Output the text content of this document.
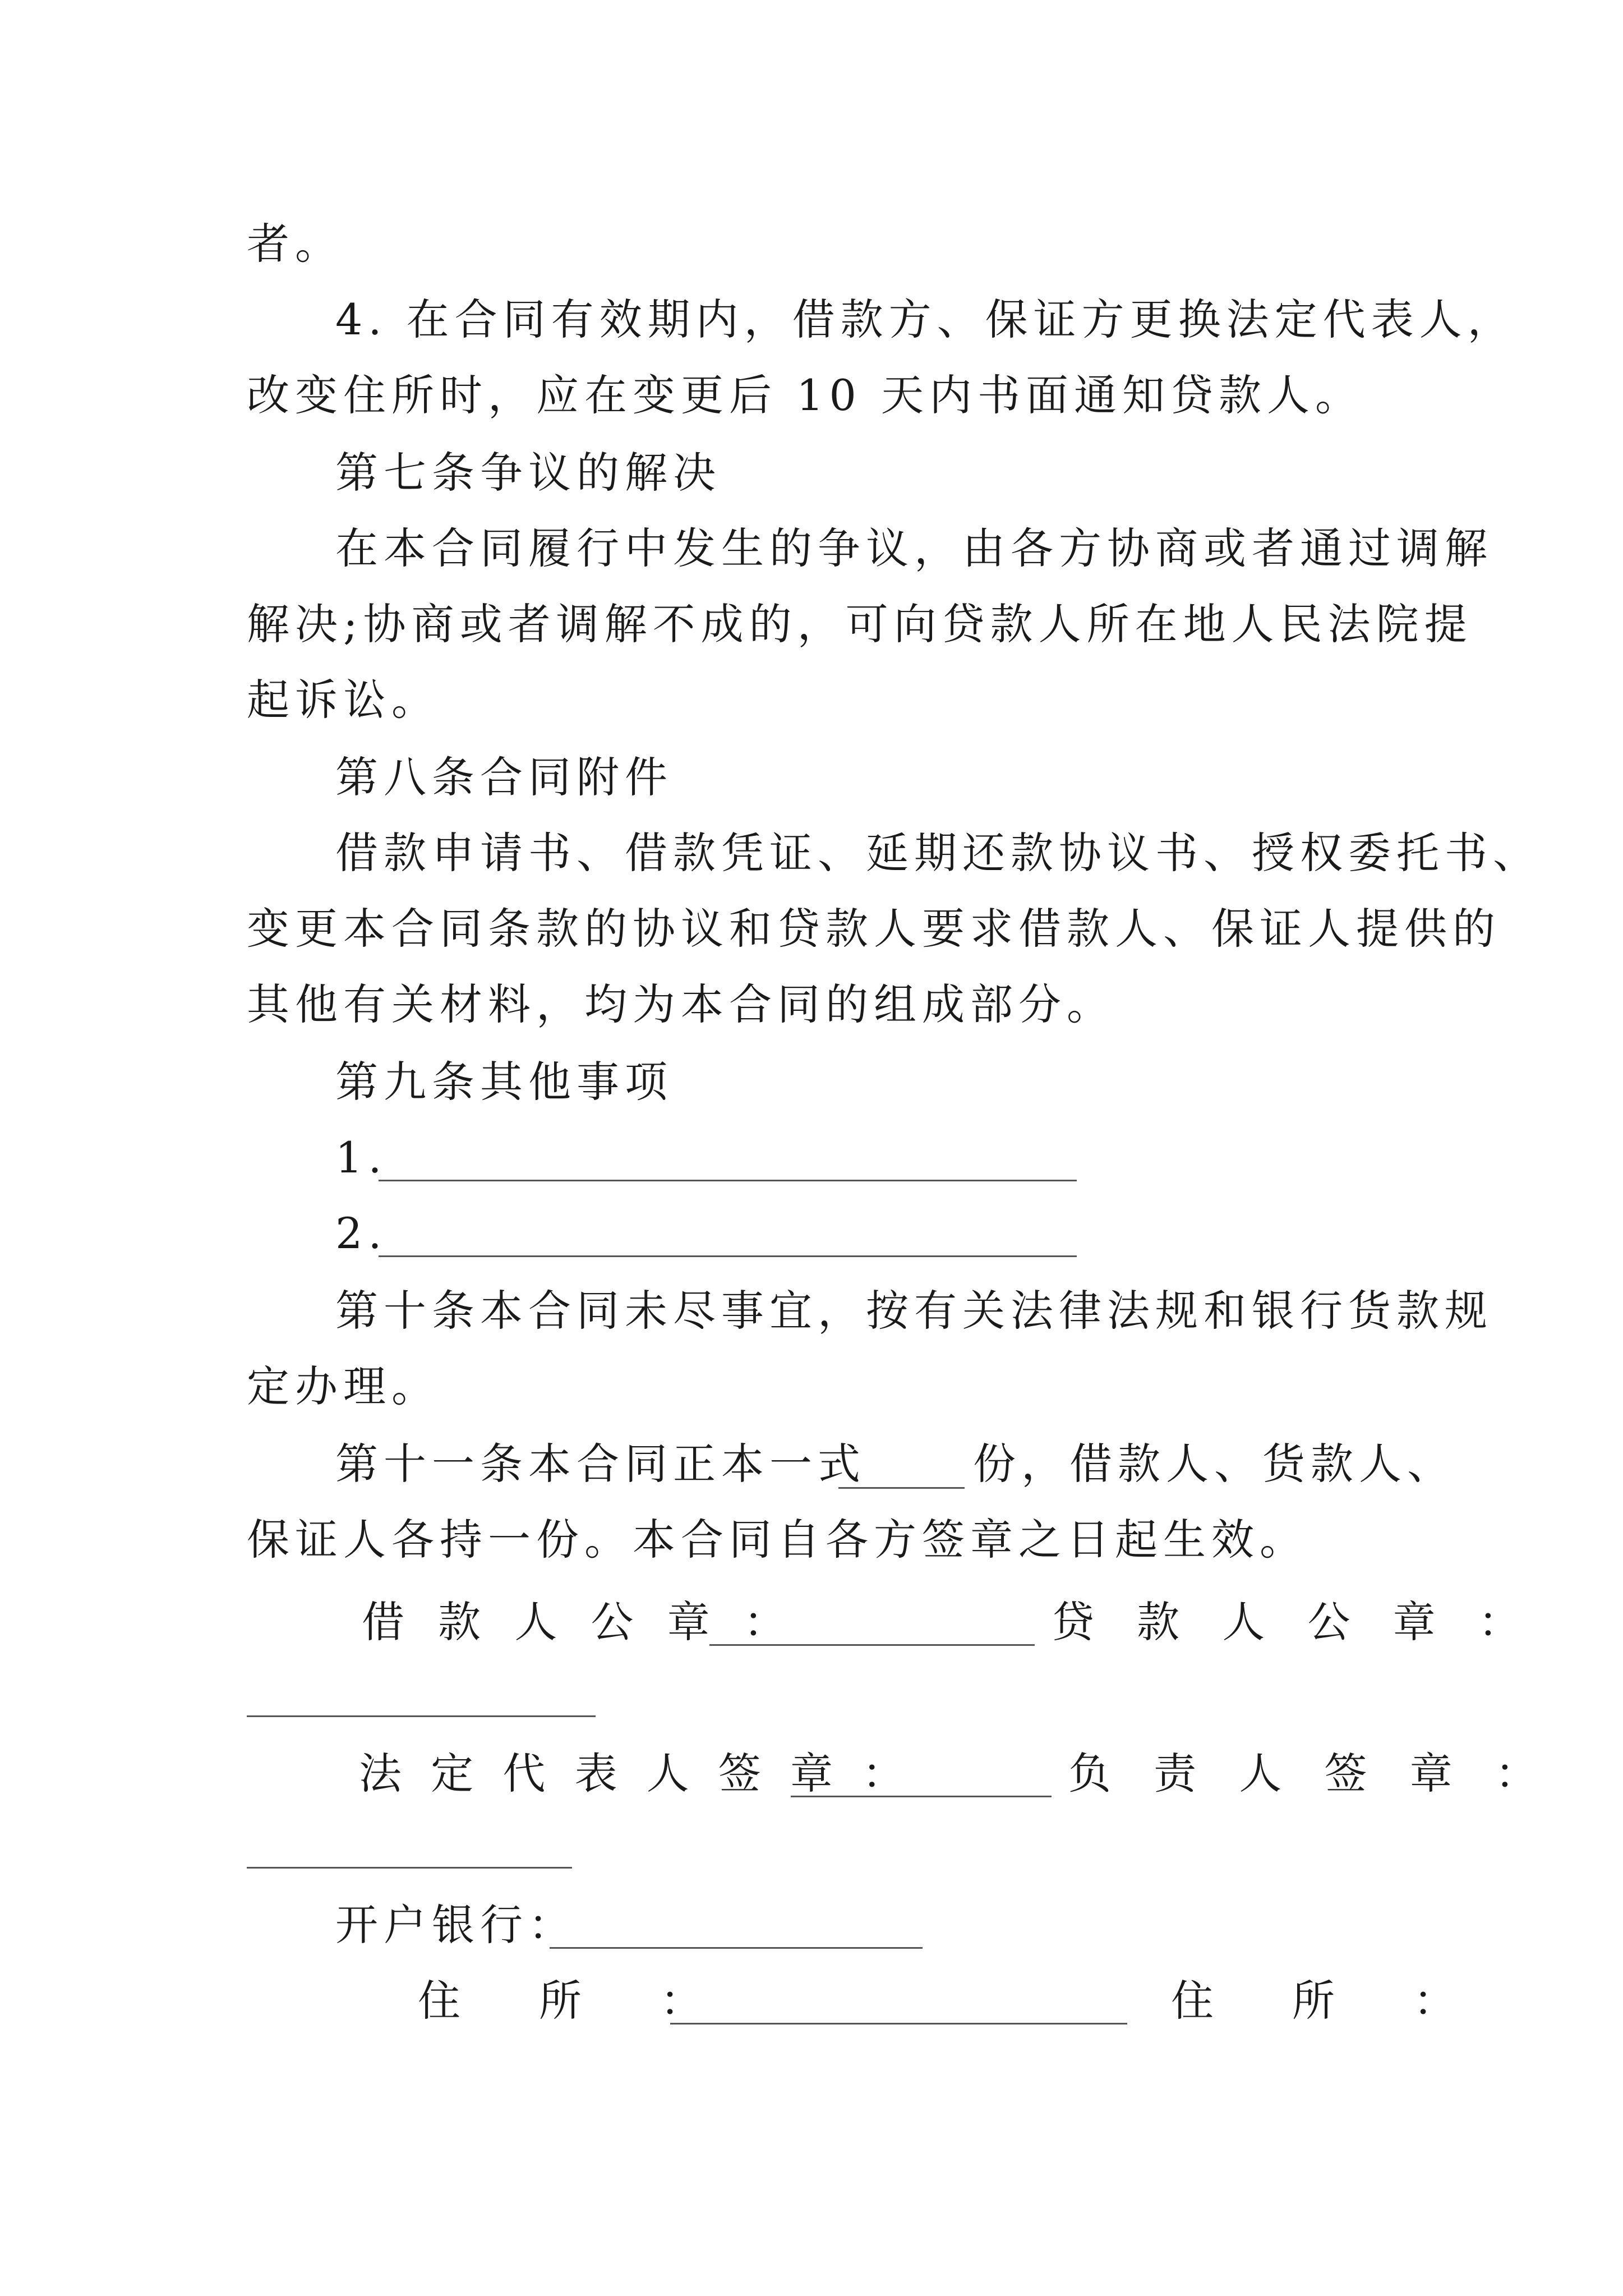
者。
4. 在合同有效期内，借款方、保证方更换法定代表人，
改变住所时，应在变更后 10 天内书面通知贷款人。
第七条争议的解决
在本合同履行中发生的争议，由各方协商或者通过调解
解决;协商或者调解不成的，可向贷款人所在地人民法院提
起诉讼。
第八条合同附件
借款申请书、借款凭证、延期还款协议书、授权委托书、
变更本合同条款的协议和贷款人要求借款人、保证人提供的
其他有关材料，均为本合同的组成部分。
第九条其他事项
1.
2.
第十条本合同未尽事宜，按有关法律法规和银行货款规
定办理。
第十一条本合同正本一式	份，借款人、货款人、
保证人各持一份。本合同自各方签章之日起生效。
借 款 人 公 章 ：	贷 款 人 公 章 ：
法 定 代 表 人 签 章 ：	负 责 人 签 章 ：
开户银行：
住　所　：	住　所　：
